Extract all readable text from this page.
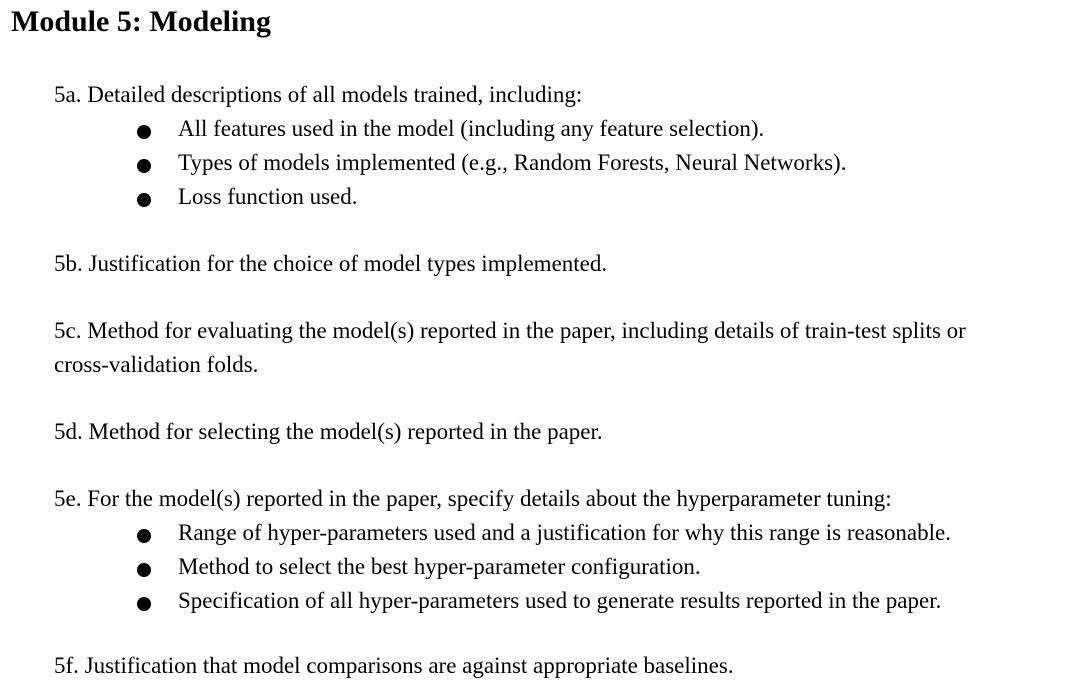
Module 5: Modeling

5a. Detailed descriptions of all models trained, including:

All features used in the model (including any feature selection).

Types of models implemented (e.g., Random Forests, Neural Networks).

Loss function used.

5b. Justification for the choice of model types implemented.

5c. Method for evaluating the model(s) reported in the paper, including details of train-test splits or

cross-validation folds.

5d. Method for selecting the model(s) reported in the paper.

5e. For the model(s) reported in the paper, specify details about the hyperparameter tuning:

Range of hyper-parameters used and a justification for why this range is reasonable.

Method to select the best hyper-parameter configuration.

Specification of all hyper-parameters used to generate results reported in the paper.

5f. Justification that model comparisons are against appropriate baselines.
